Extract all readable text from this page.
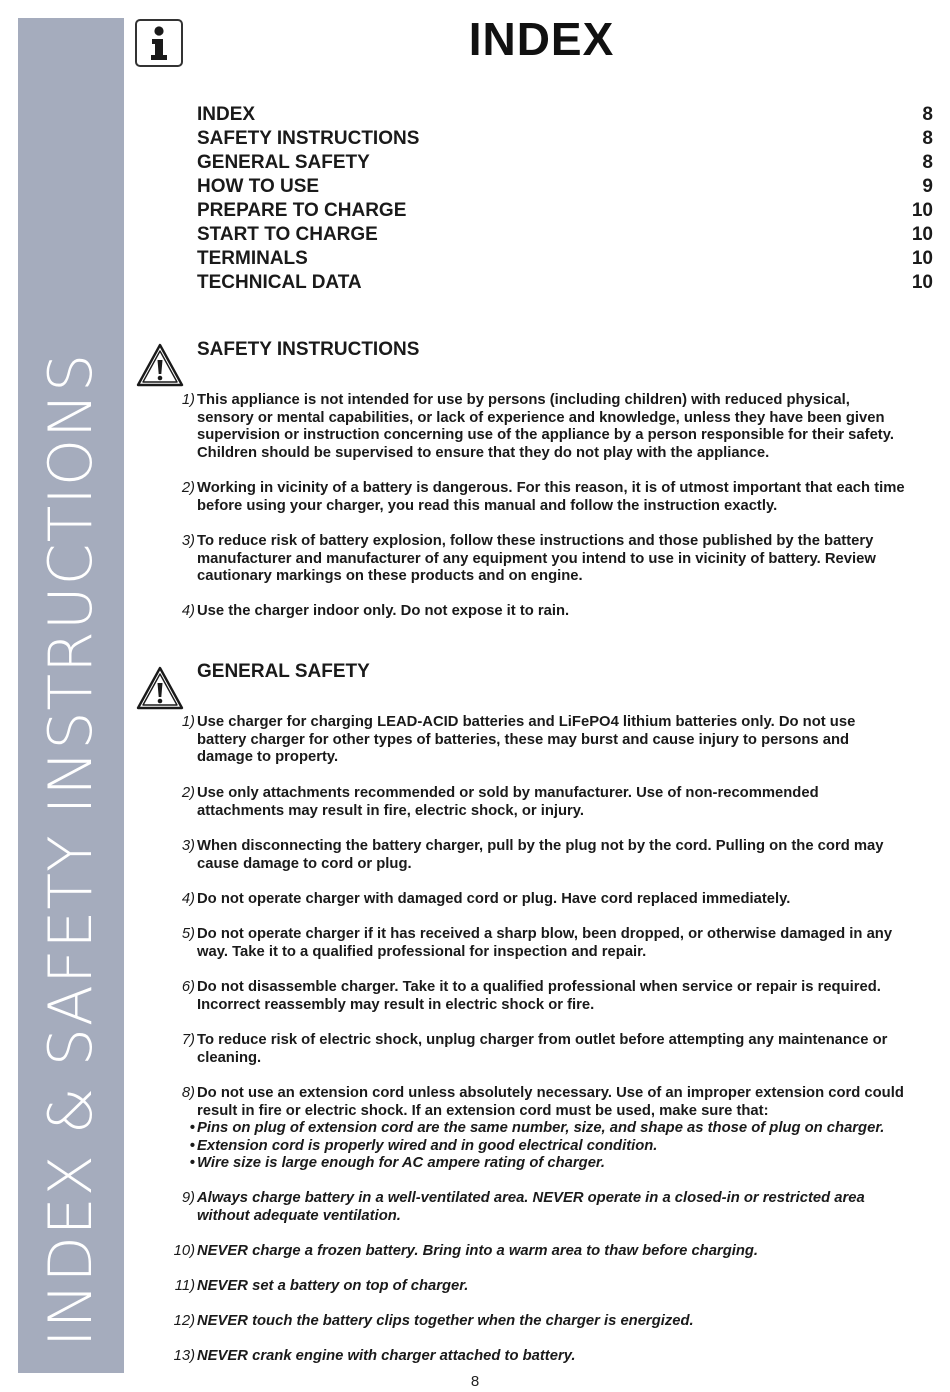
INDEX & SAFETY INSTRUCTIONS
INDEX
INDEX	8
SAFETY INSTRUCTIONS	8
GENERAL SAFETY	8
HOW TO USE	9
PREPARE TO CHARGE	10
START TO CHARGE	10
TERMINALS	10
TECHNICAL DATA	10
SAFETY INSTRUCTIONS
1) This appliance is not intended for use by persons (including children) with reduced physical, sensory or mental capabilities, or lack of experience and knowledge, unless they have been given supervision or instruction concerning use of the appliance by a person responsible for their safety. Children should be supervised to ensure that they do not play with the appliance.
2) Working in vicinity of a battery is dangerous. For this reason, it is of utmost important that each time before using your charger, you read this manual and follow the instruction exactly.
3) To reduce risk of battery explosion, follow these instructions and those published by the battery manufacturer and manufacturer of any equipment you intend to use in vicinity of battery. Review cautionary markings on these products and on engine.
4) Use the charger indoor only. Do not expose it to rain.
GENERAL SAFETY
1) Use charger for charging LEAD-ACID batteries and LiFePO4 lithium batteries only. Do not use battery charger for other types of batteries, these may burst and cause injury to persons and damage to property.
2) Use only attachments recommended or sold by manufacturer. Use of non-recommended attachments may result in fire, electric shock, or injury.
3) When disconnecting the battery charger, pull by the plug not by the cord. Pulling on the cord may cause damage to cord or plug.
4) Do not operate charger with damaged cord or plug. Have cord replaced immediately.
5) Do not operate charger if it has received a sharp blow, been dropped, or otherwise damaged in any way. Take it to a qualified professional for inspection and repair.
6) Do not disassemble charger. Take it to a qualified professional when service or repair is required. Incorrect reassembly may result in electric shock or fire.
7) To reduce risk of electric shock, unplug charger from outlet before attempting any maintenance or cleaning.
8) Do not use an extension cord unless absolutely necessary. Use of an improper extension cord could result in fire or electric shock. If an extension cord must be used, make sure that:
• Pins on plug of extension cord are the same number, size, and shape as those of plug on charger.
• Extension cord is properly wired and in good electrical condition.
• Wire size is large enough for AC ampere rating of charger.
9) Always charge battery in a well-ventilated area. NEVER operate in a closed-in or restricted area without adequate ventilation.
10) NEVER charge a frozen battery. Bring into a warm area to thaw before charging.
11) NEVER set a battery on top of charger.
12) NEVER touch the battery clips together when the charger is energized.
13) NEVER crank engine with charger attached to battery.
8
